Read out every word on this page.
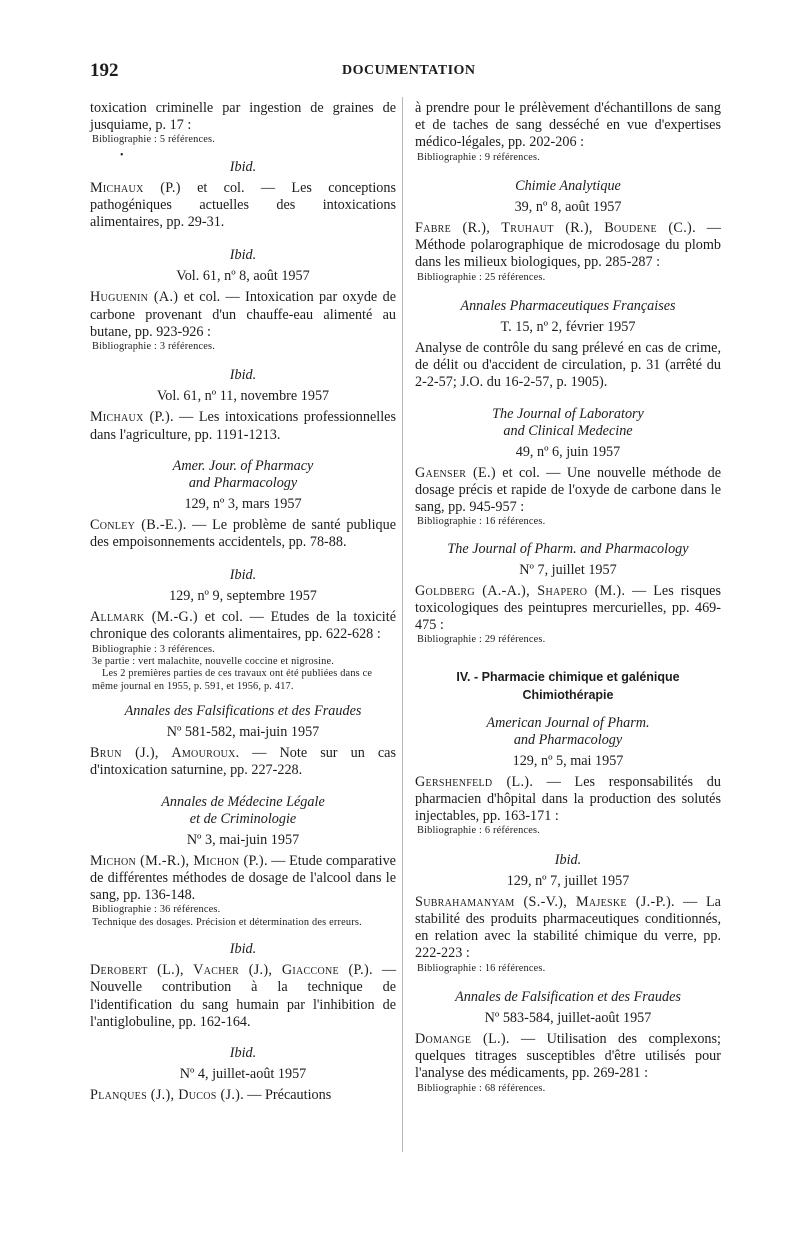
192	DOCUMENTATION
•
toxication criminelle par ingestion de graines de jusquiame, p. 17 :
Bibliographie : 5 références.
Ibid.
Michaux (P.) et col. — Les conceptions pathogéniques actuelles des intoxications alimentaires, pp. 29-31.
Ibid.
Vol. 61, nº 8, août 1957
Huguenin (A.) et col. — Intoxication par oxyde de carbone provenant d'un chauffe-eau alimenté au butane, pp. 923-926 :
Bibliographie : 3 références.
Ibid.
Vol. 61, nº 11, novembre 1957
Michaux (P.). — Les intoxications professionnelles dans l'agriculture, pp. 1191-1213.
Amer. Jour. of Pharmacy
and Pharmacology
129, nº 3, mars 1957
Conley (B.-E.). — Le problème de santé publique des empoisonnements accidentels, pp. 78-88.
Ibid.
129, nº 9, septembre 1957
Allmark (M.-G.) et col. — Etudes de la toxicité chronique des colorants alimentaires, pp. 622-628 :
Bibliographie : 3 références.
3e partie : vert malachite, nouvelle coccine et nigrosine.
Les 2 premières parties de ces travaux ont été publiées dans ce même journal en 1955, p. 591, et 1956, p. 417.
Annales des Falsifications et des Fraudes
Nº 581-582, mai-juin 1957
Brun (J.), Amouroux. — Note sur un cas d'intoxication saturnine, pp. 227-228.
Annales de Médecine Légale
et de Criminologie
Nº 3, mai-juin 1957
Michon (M.-R.), Michon (P.). — Etude comparative de différentes méthodes de dosage de l'alcool dans le sang, pp. 136-148.
Bibliographie : 36 références.
Technique des dosages. Précision et détermination des erreurs.
Ibid.
Derobert (L.), Vacher (J.), Giaccone (P.). — Nouvelle contribution à la technique de l'identification du sang humain par l'inhibition de l'antiglobuline, pp. 162-164.
Ibid.
Nº 4, juillet-août 1957
Planques (J.), Ducos (J.). — Précautions
à prendre pour le prélèvement d'échantillons de sang et de taches de sang desséché en vue d'expertises médico-légales, pp. 202-206 :
Bibliographie : 9 références.
Chimie Analytique
39, nº 8, août 1957
Fabre (R.), Truhaut (R.), Boudene (C.). — Méthode polarographique de microdosage du plomb dans les milieux biologiques, pp. 285-287 :
Bibliographie : 25 références.
Annales Pharmaceutiques Françaises
T. 15, nº 2, février 1957
Analyse de contrôle du sang prélevé en cas de crime, de délit ou d'accident de circulation, p. 31 (arrêté du 2-2-57; J.O. du 16-2-57, p. 1905).
The Journal of Laboratory
and Clinical Medecine
49, nº 6, juin 1957
Gaenser (E.) et col. — Une nouvelle méthode de dosage précis et rapide de l'oxyde de carbone dans le sang, pp. 945-957 :
Bibliographie : 16 références.
The Journal of Pharm. and Pharmacology
Nº 7, juillet 1957
Goldberg (A.-A.), Shapero (M.). — Les risques toxicologiques des peintupres mercurielles, pp. 469-475 :
Bibliographie : 29 références.
IV. - Pharmacie chimique et galénique
Chimiothérapie
American Journal of Pharm.
and Pharmacology
129, nº 5, mai 1957
Gershenfeld (L.). — Les responsabilités du pharmacien d'hôpital dans la production des solutés injectables, pp. 163-171 :
Bibliographie : 6 références.
Ibid.
129, nº 7, juillet 1957
Subrahamanyam (S.-V.), Majeske (J.-P.). — La stabilité des produits pharmaceutiques conditionnés, en relation avec la stabilité chimique du verre, pp. 222-223 :
Bibliographie : 16 références.
Annales de Falsification et des Fraudes
Nº 583-584, juillet-août 1957
Domange (L.). — Utilisation des complexons; quelques titrages susceptibles d'être utilisés pour l'analyse des médicaments, pp. 269-281 :
Bibliographie : 68 références.
